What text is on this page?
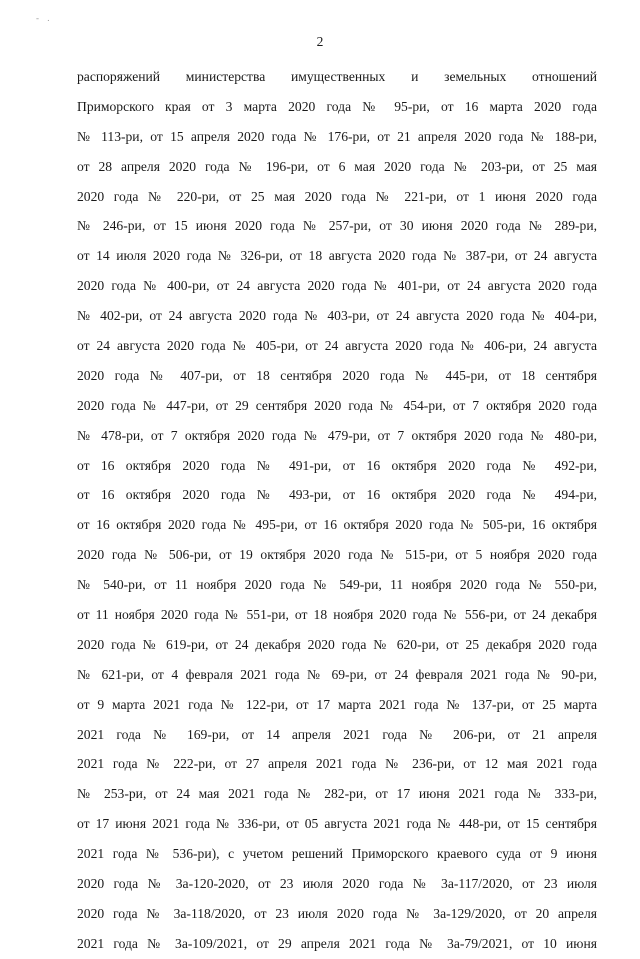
- .
2
распоряжений министерства имущественных и земельных отношений
Приморского края от 3 марта 2020 года № 95-ри, от 16 марта 2020 года
№ 113-ри, от 15 апреля 2020 года № 176-ри, от 21 апреля 2020 года № 188-ри,
от 28 апреля 2020 года № 196-ри, от 6 мая 2020 года № 203-ри, от 25 мая
2020 года № 220-ри, от 25 мая 2020 года № 221-ри, от 1 июня 2020 года
№ 246-ри, от 15 июня 2020 года № 257-ри, от 30 июня 2020 года № 289-ри,
от 14 июля 2020 года № 326-ри, от 18 августа 2020 года № 387-ри, от 24 августа
2020 года № 400-ри, от 24 августа 2020 года № 401-ри, от 24 августа 2020 года
№ 402-ри, от 24 августа 2020 года № 403-ри, от 24 августа 2020 года № 404-ри,
от 24 августа 2020 года № 405-ри, от 24 августа 2020 года № 406-ри, 24 августа
2020 года № 407-ри, от 18 сентября 2020 года № 445-ри, от 18 сентября
2020 года № 447-ри, от 29 сентября 2020 года № 454-ри, от 7 октября 2020 года
№ 478-ри, от 7 октября 2020 года № 479-ри, от 7 октября 2020 года № 480-ри,
от 16 октября 2020 года № 491-ри, от 16 октября 2020 года № 492-ри,
от 16 октября 2020 года № 493-ри, от 16 октября 2020 года № 494-ри,
от 16 октября 2020 года № 495-ри, от 16 октября 2020 года № 505-ри, 16 октября
2020 года № 506-ри, от 19 октября 2020 года № 515-ри, от 5 ноября 2020 года
№ 540-ри, от 11 ноября 2020 года № 549-ри, 11 ноября 2020 года № 550-ри,
от 11 ноября 2020 года № 551-ри, от 18 ноября 2020 года № 556-ри, от 24 декабря
2020 года № 619-ри, от 24 декабря 2020 года № 620-ри, от 25 декабря 2020 года
№ 621-ри, от 4 февраля 2021 года № 69-ри, от 24 февраля 2021 года № 90-ри,
от 9 марта 2021 года № 122-ри, от 17 марта 2021 года № 137-ри, от 25 марта
2021 года № 169-ри, от 14 апреля 2021 года № 206-ри, от 21 апреля
2021 года № 222-ри, от 27 апреля 2021 года № 236-ри, от 12 мая 2021 года
№ 253-ри, от 24 мая 2021 года № 282-ри, от 17 июня 2021 года № 333-ри,
от 17 июня 2021 года № 336-ри, от 05 августа 2021 года № 448-ри, от 15 сентября
2021 года № 536-ри), с учетом решений Приморского краевого суда от 9 июня
2020 года № 3а-120-2020, от 23 июля 2020 года № 3а-117/2020, от 23 июля
2020 года № 3а-118/2020, от 23 июля 2020 года № 3а-129/2020, от 20 апреля
2021 года № 3а-109/2021, от 29 апреля 2021 года № 3а-79/2021, от 10 июня
